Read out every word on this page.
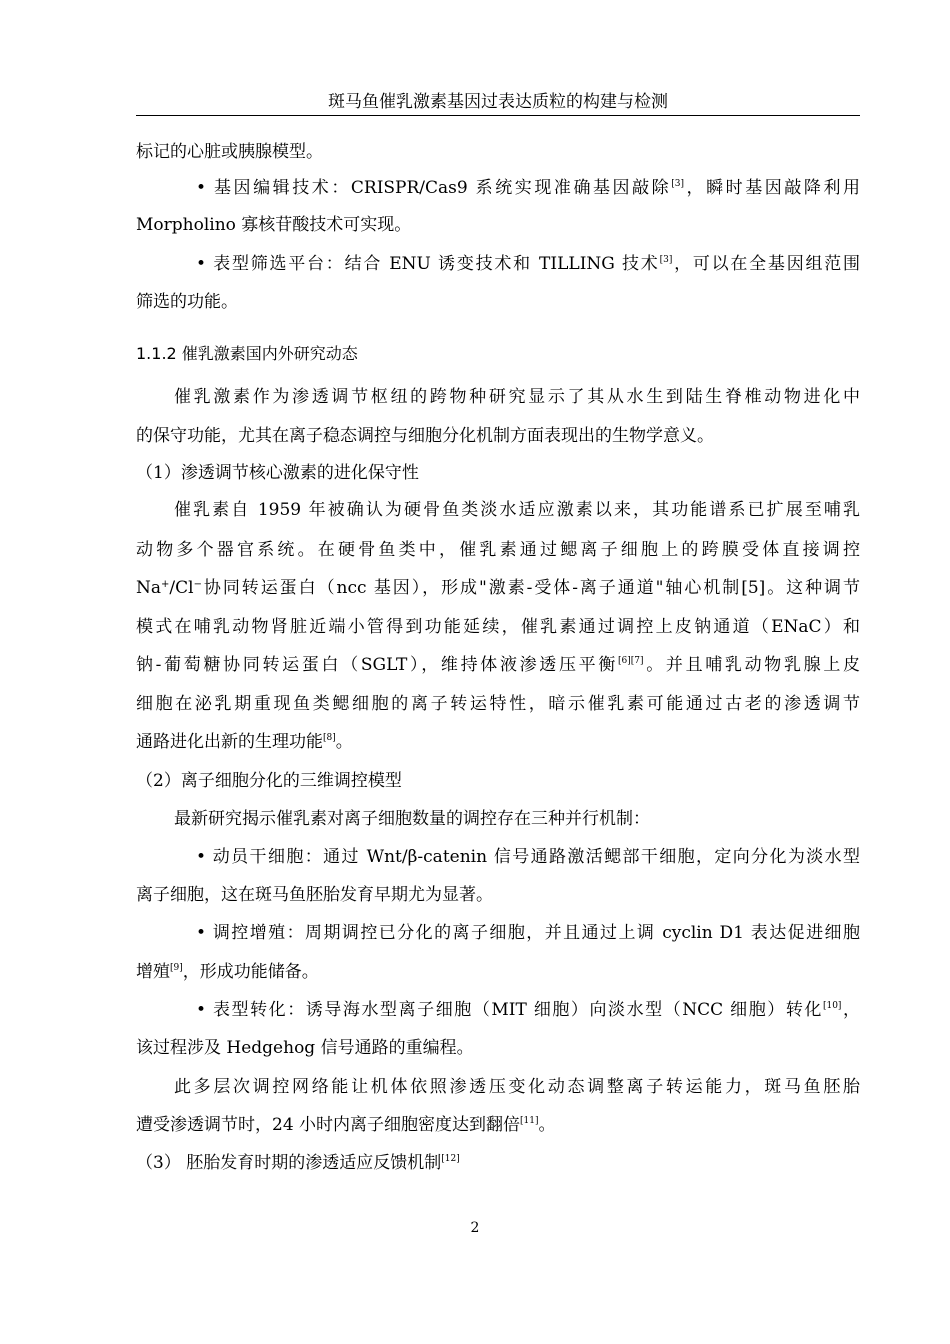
斑马鱼催乳激素基因过表达质粒的构建与检测
标记的心脏或胰腺模型。
• 基因编辑技术：CRISPR/Cas9 系统实现准确基因敲除[3]，瞬时基因敲降利用
Morpholino 寡核苷酸技术可实现。
• 表型筛选平台：结合 ENU 诱变技术和 TILLING 技术[3]，可以在全基因组范围
筛选的功能。
1.1.2 催乳激素国内外研究动态
催乳激素作为渗透调节枢纽的跨物种研究显示了其从水生到陆生脊椎动物进化中
的保守功能，尤其在离子稳态调控与细胞分化机制方面表现出的生物学意义。
（1）渗透调节核心激素的进化保守性
催乳素自 1959 年被确认为硬骨鱼类淡水适应激素以来，其功能谱系已扩展至哺乳
动物多个器官系统。在硬骨鱼类中，催乳素通过鳃离子细胞上的跨膜受体直接调控
Na+/Cl−协同转运蛋白（ncc 基因），形成"激素-受体-离子通道"轴心机制[5]。这种调节
模式在哺乳动物肾脏近端小管得到功能延续，催乳素通过调控上皮钠通道（ENaC）和
钠-葡萄糖协同转运蛋白（SGLT），维持体液渗透压平衡[6][7]。并且哺乳动物乳腺上皮
细胞在泌乳期重现鱼类鳃细胞的离子转运特性，暗示催乳素可能通过古老的渗透调节
通路进化出新的生理功能[8]。
（2）离子细胞分化的三维调控模型
最新研究揭示催乳素对离子细胞数量的调控存在三种并行机制：
• 动员干细胞：通过 Wnt/β-catenin 信号通路激活鳃部干细胞，定向分化为淡水型
离子细胞，这在斑马鱼胚胎发育早期尤为显著。
• 调控增殖：周期调控已分化的离子细胞，并且通过上调 cyclin D1 表达促进细胞
增殖[9]，形成功能储备。
• 表型转化：诱导海水型离子细胞（MIT 细胞）向淡水型（NCC 细胞）转化[10]，
该过程涉及 Hedgehog 信号通路的重编程。
此多层次调控网络能让机体依照渗透压变化动态调整离子转运能力，斑马鱼胚胎
遭受渗透调节时，24 小时内离子细胞密度达到翻倍[11]。
（3） 胚胎发育时期的渗透适应反馈机制[12]
2
